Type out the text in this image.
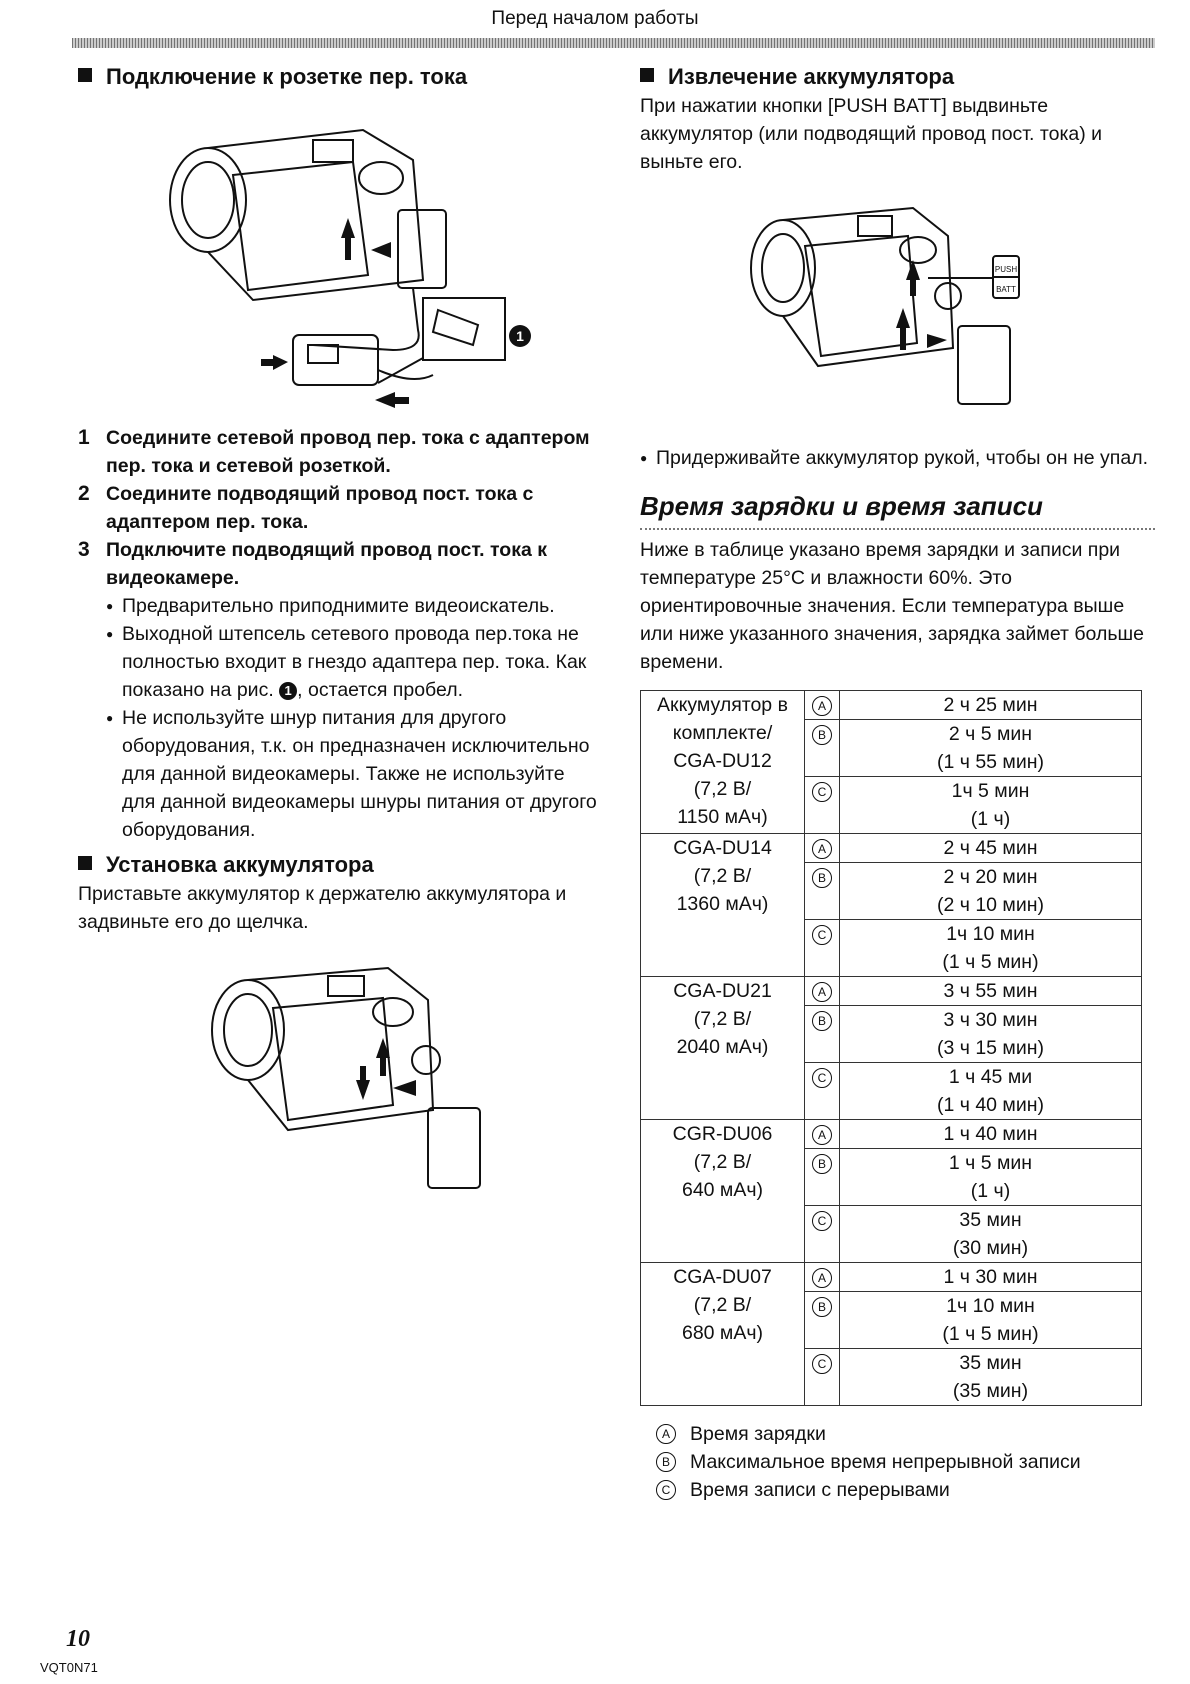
Перед началом работы
Подключение к розетке пер. тока
1
1 Соедините сетевой провод пер. тока с адаптером пер. тока и сетевой розеткой.
2 Соедините подводящий провод пост. тока с адаптером пер. тока.
3 Подключите подводящий провод пост. тока к видеокамере.
● Предварительно приподнимите видеоискатель.
● Выходной штепсель сетевого провода пер.тока не полностью входит в гнездо адаптера пер. тока. Как показано на рис. 1 , остается пробел.
● Не используйте шнур питания для другого оборудования, т.к. он предназначен исключительно для данной видеокамеры. Также не используйте для данной видеокамеры шнуры питания от другого оборудования.
Установка аккумулятора

Приставьте аккумулятор к держателю аккумулятора и задвиньте его до щелчка.

Извлечение аккумулятора

При нажатии кнопки [PUSH BATT] выдвиньте аккумулятор (или подводящий провод пост. тока) и выньте его.

PUSH
BATT
● Придерживайте аккумулятор рукой, чтобы он не упал.
Время зарядки и время записи

Ниже в таблице указано время зарядки и записи при температуре 25°C и влажности 60%. Это ориентировочные значения. Если температура выше или ниже указанного значения, зарядка займет больше времени.

Аккумулятор в
комплекте/
CGA-DU12
(7,2 В/
1150 мАч)	A	2 ч 25 мин

	B	2 ч 5 мин
(1 ч 55 мин)

	C	1ч 5 мин
(1 ч)

CGA-DU14
(7,2 В/
1360 мАч)	A	2 ч 45 мин

	B	2 ч 20 мин
(2 ч 10 мин)

	C	1ч 10 мин
(1 ч 5 мин)

CGA-DU21
(7,2 В/
2040 мАч)	A	3 ч 55 мин

	B	3 ч 30 мин
(3 ч 15 мин)

	C	1 ч 45 ми
(1 ч 40 мин)

CGR-DU06
(7,2 В/
640 мАч)	A	1 ч 40 мин

	B	1 ч 5 мин
(1 ч)

	C	35 мин
(30 мин)

CGA-DU07
(7,2 В/
680 мАч)	A	1 ч 30 мин

	B	1ч 10 мин
(1 ч 5 мин)

	C	35 мин
(35 мин)
A	Время зарядки
B	Максимальное время непрерывной записи
C Время записи с перерывами
10
VQT0N71
